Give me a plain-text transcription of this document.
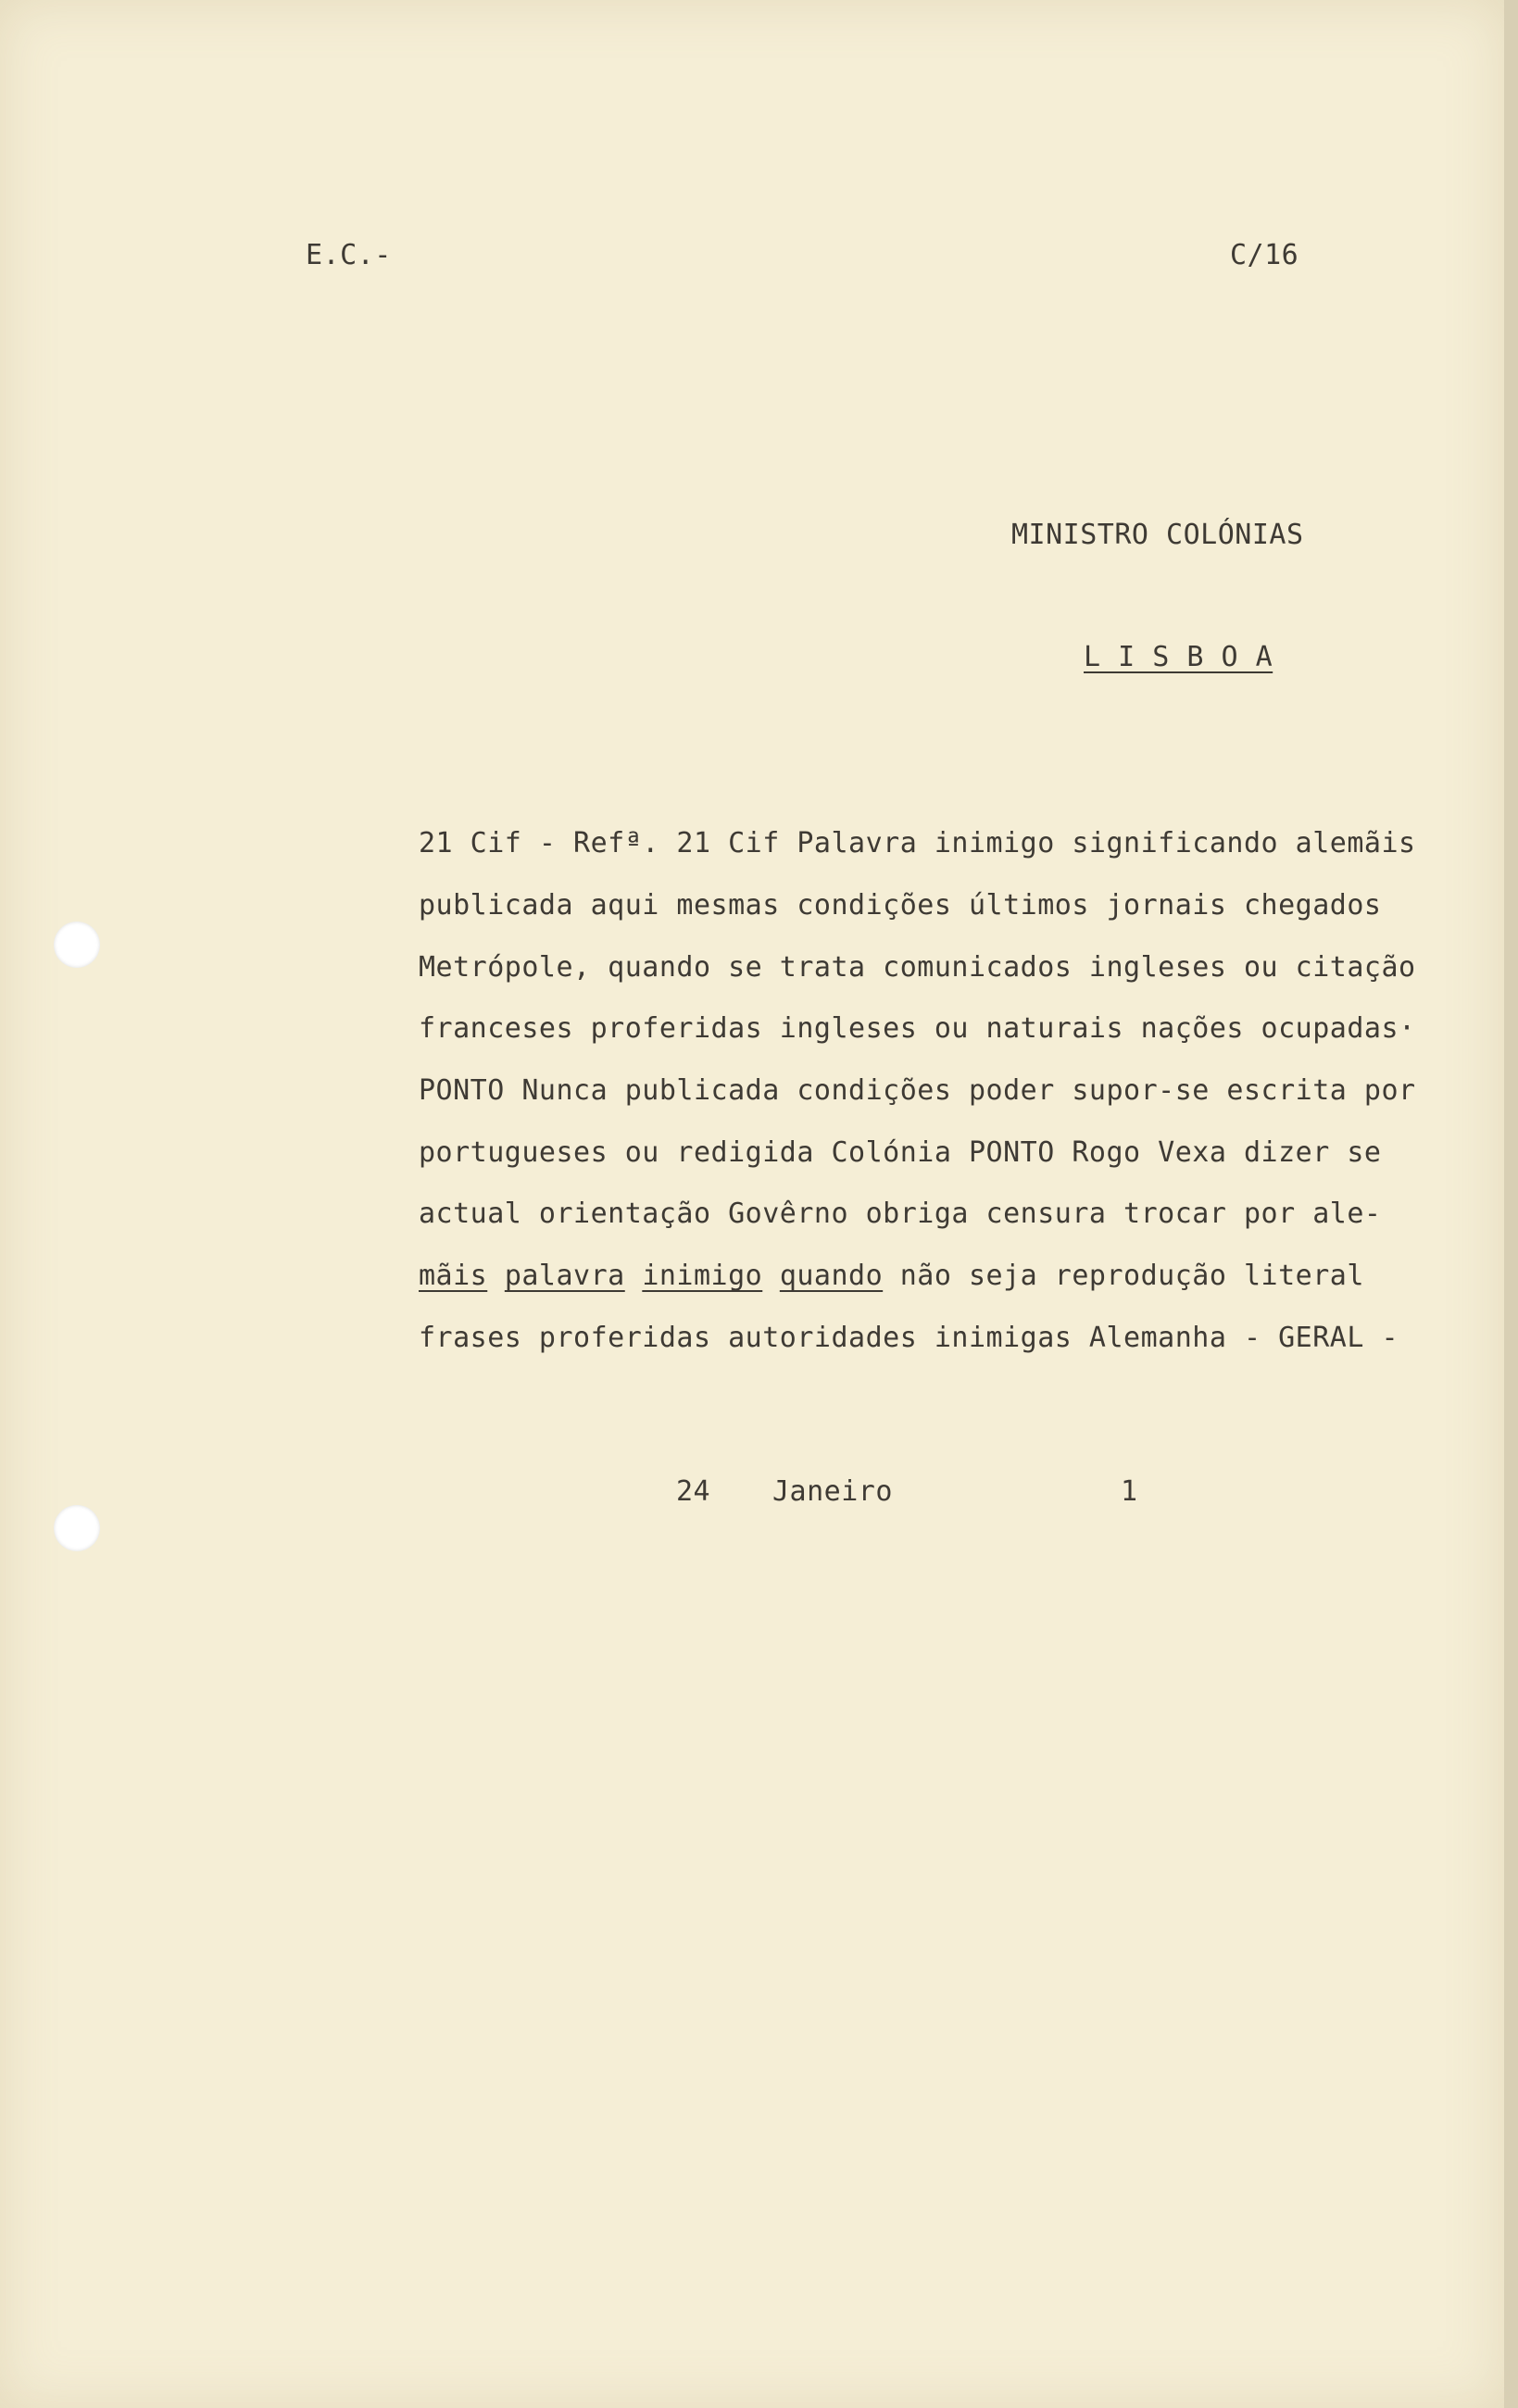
E.C.-	C/16
MINISTRO COLÓNIAS
L I S B O A
21 Cif - Refª. 21 Cif Palavra inimigo significando alemãis
publicada aqui mesmas condições últimos jornais chegados
Metrópole, quando se trata comunicados ingleses ou citação
franceses proferidas ingleses ou naturais nações ocupadas·
PONTO Nunca publicada condições poder supor-se escrita por
portugueses ou redigida Colónia PONTO Rogo Vexa dizer se
actual orientação Govêrno obriga censura trocar por ale-
mãis palavra inimigo quando não seja reprodução literal
frases proferidas autoridades inimigas Alemanha - GERAL -
24 Janeiro	1
